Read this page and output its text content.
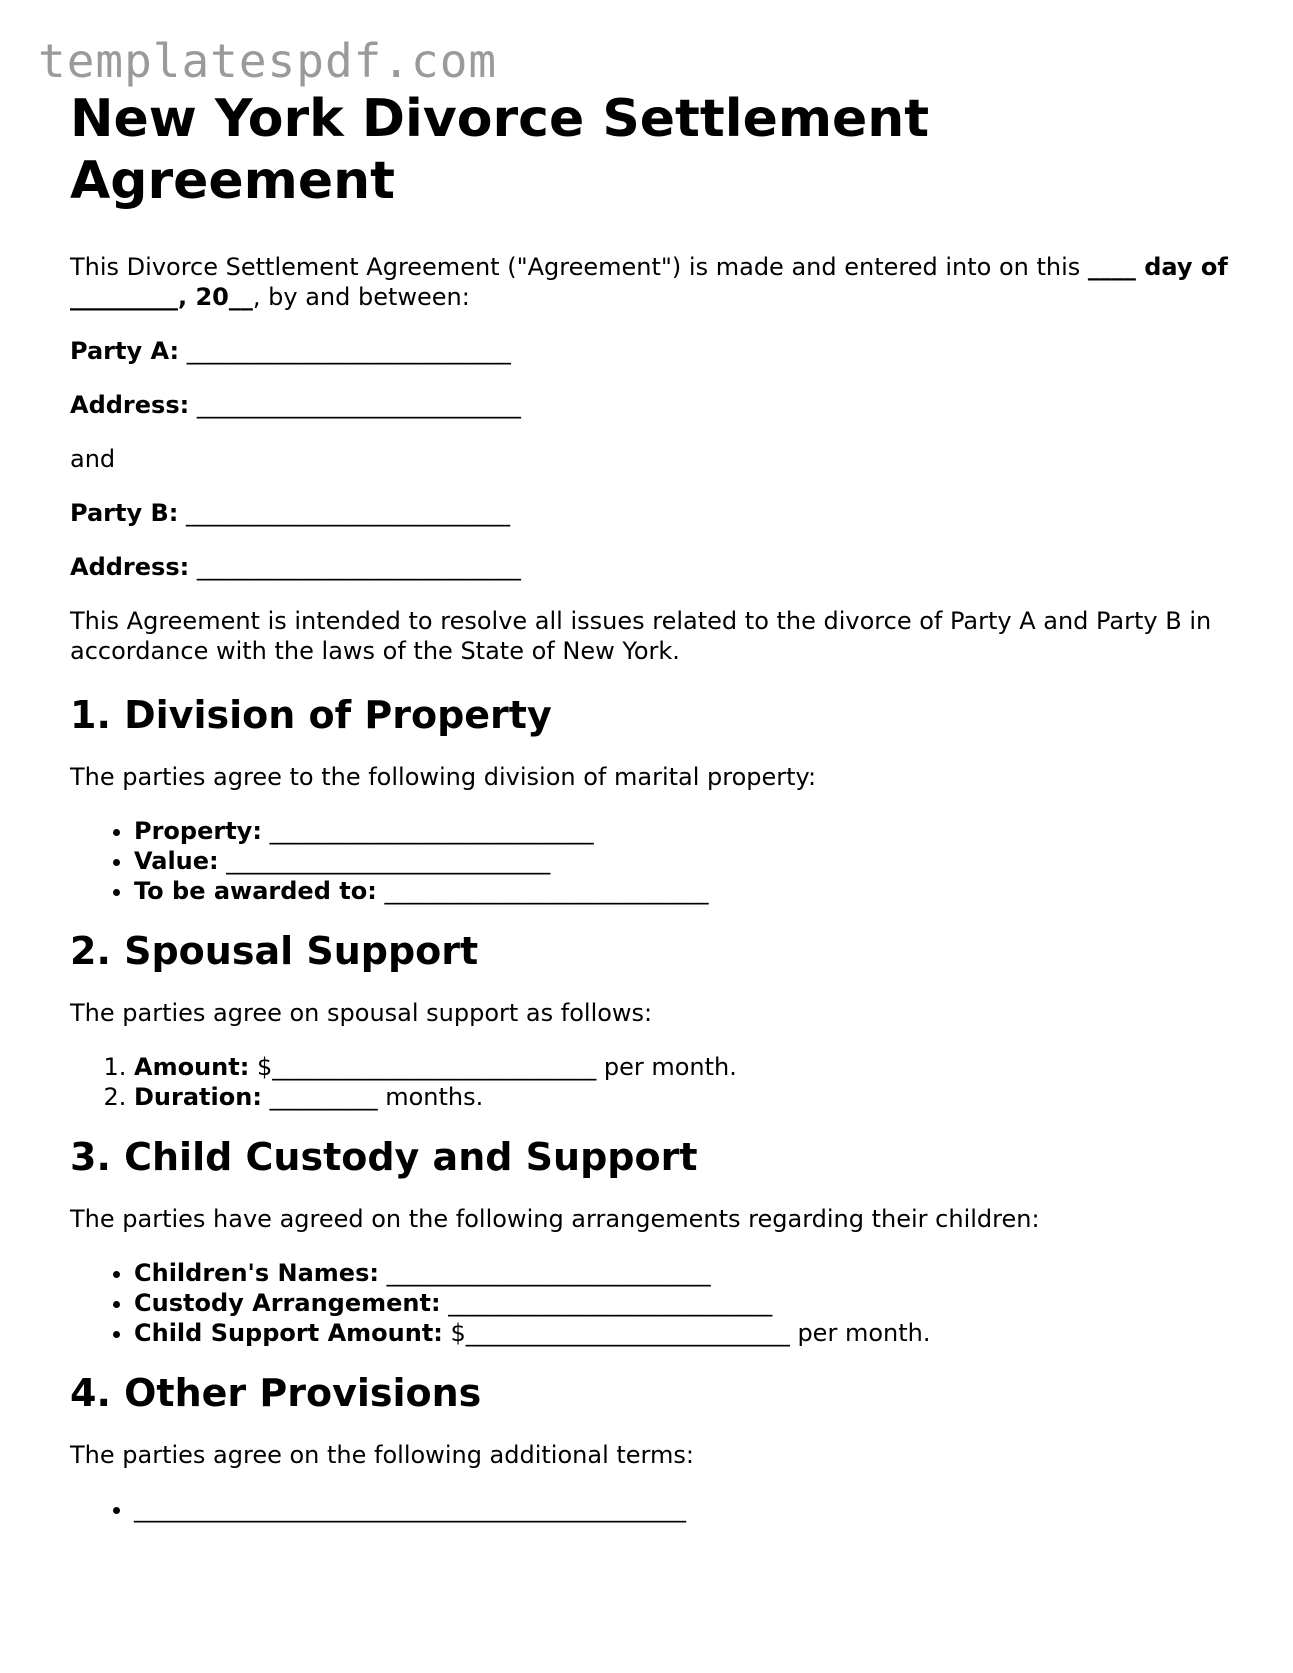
templatespdf.com
New York Divorce Settlement Agreement

This Divorce Settlement Agreement ("Agreement") is made and entered into on this ____ day of _________, 20__, by and between:

Party A: ___________________________

Address: ___________________________

and

Party B: ___________________________

Address: ___________________________

This Agreement is intended to resolve all issues related to the divorce of Party A and Party B in accordance with the laws of the State of New York.

1. Division of Property

The parties agree to the following division of marital property:

• Property: ___________________________
• Value: ___________________________
• To be awarded to: ___________________________
2. Spousal Support

The parties agree on spousal support as follows:

1. Amount: $___________________________ per month.
2. Duration: _________ months.
3. Child Custody and Support

The parties have agreed on the following arrangements regarding their children:

• Children's Names: ___________________________
• Custody Arrangement: ___________________________
• Child Support Amount: $___________________________ per month.
4. Other Provisions

The parties agree on the following additional terms:

• ______________________________________________
